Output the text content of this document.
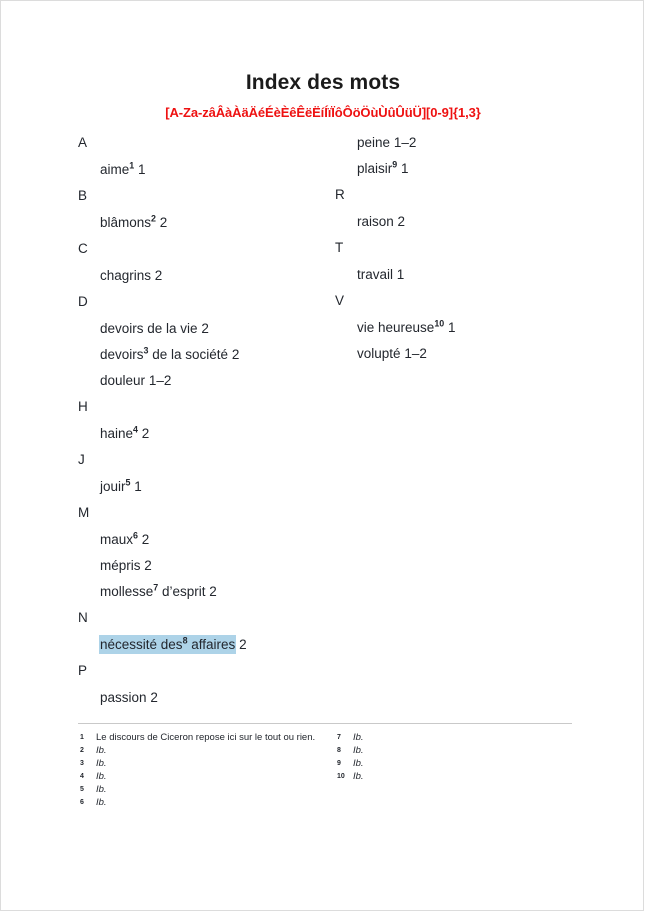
Index des mots
[A-Za-zâÂàÀäÄéÉèÈêÊëËíÍïÏôÔöÖùÙûÛüÜ][0-9]{1,3}
A
aime$^1$ 1
B
blâmons$^2$ 2
C
chagrins 2
D
devoirs de la vie 2
devoirs$^3$ de la société 2
douleur 1–2
H
haine$^4$ 2
J
jouir$^5$ 1
M
maux$^6$ 2
mépris 2
mollesse$^7$ d’esprit 2
N
nécessité des$^8$ affaires 2
P
passion 2
peine 1–2
plaisir$^9$ 1
R
raison 2
T
travail 1
V
vie heureuse$^{10}$ 1
volupté 1–2
1 Le discours de Ciceron repose ici sur le tout ou rien.
2 Ib.
3 Ib.
4 Ib.
5 Ib.
6 Ib.
7 Ib.
8 Ib.
9 Ib.
10 Ib.
